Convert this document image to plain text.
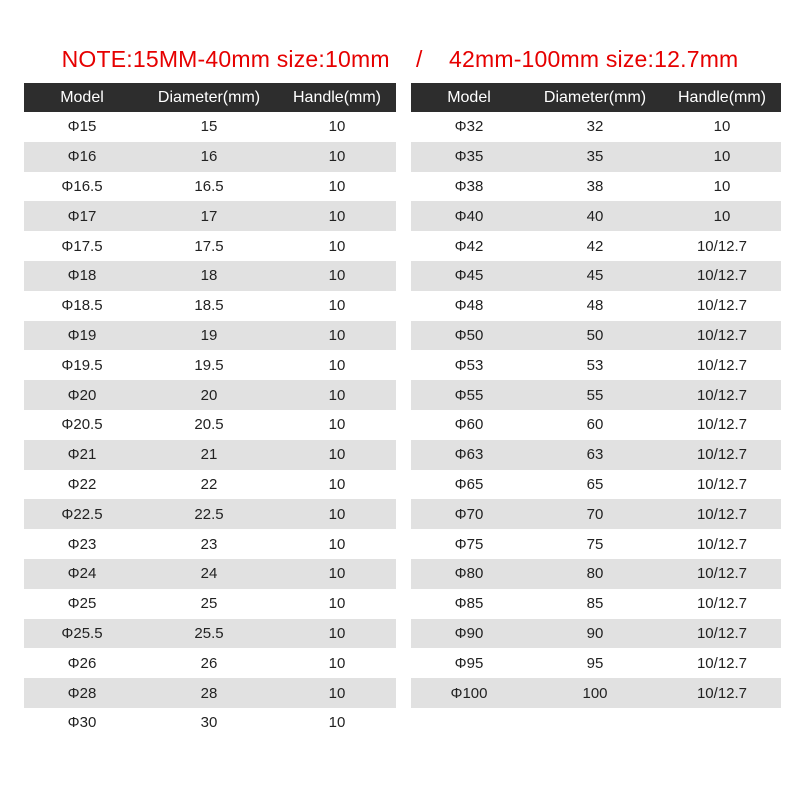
NOTE:15MM-40mm size:10mm    /    42mm-100mm size:12.7mm
Model	Diameter(mm)	Handle(mm)
Φ15	15	10
Φ16	16	10
Φ16.5	16.5	10
Φ17	17	10
Φ17.5	17.5	10
Φ18	18	10
Φ18.5	18.5	10
Φ19	19	10
Φ19.5	19.5	10
Φ20	20	10
Φ20.5	20.5	10
Φ21	21	10
Φ22	22	10
Φ22.5	22.5	10
Φ23	23	10
Φ24	24	10
Φ25	25	10
Φ25.5	25.5	10
Φ26	26	10
Φ28	28	10
Φ30	30	10
Model	Diameter(mm)	Handle(mm)
Φ32	32	10
Φ35	35	10
Φ38	38	10
Φ40	40	10
Φ42	42	10/12.7
Φ45	45	10/12.7
Φ48	48	10/12.7
Φ50	50	10/12.7
Φ53	53	10/12.7
Φ55	55	10/12.7
Φ60	60	10/12.7
Φ63	63	10/12.7
Φ65	65	10/12.7
Φ70	70	10/12.7
Φ75	75	10/12.7
Φ80	80	10/12.7
Φ85	85	10/12.7
Φ90	90	10/12.7
Φ95	95	10/12.7
Φ100	100	10/12.7
